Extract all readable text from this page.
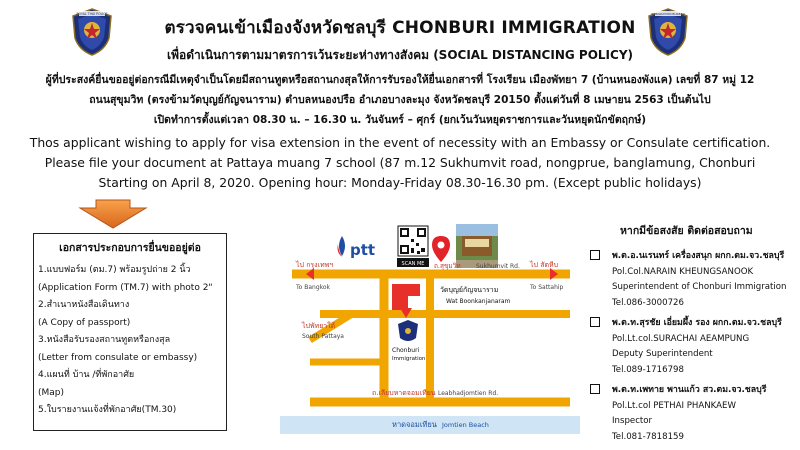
ROYAL THAI POLICE	IMMIGRATION BUREAU
ตรวจคนเข้าเมืองจังหวัดชลบุรี CHONBURI IMMIGRATION
เพื่อดำเนินการตามมาตรการเว้นระยะห่างทางสังคม (SOCIAL DISTANCING POLICY)
ผู้ที่ประสงค์ยื่นขออยู่ต่อกรณีมีเหตุจำเป็นโดยมีสถานทูตหรือสถานกงสุลให้การรับรองให้ยื่นเอกสารที่ โรงเรียน เมืองพัทยา 7 (บ้านหนองพังแค) เลขที่ 87 หมู่ 12
ถนนสุขุมวิท (ตรงข้ามวัดบุญย์กัญจนาราม) ตำบลหนองปรือ อำเภอบางละมุง จังหวัดชลบุรี 20150 ตั้งแต่วันที่ 8 เมษายน 2563 เป็นต้นไป
เปิดทำการตั้งแต่เวลา 08.30 น. – 16.30 น. วันจันทร์ – ศุกร์ (ยกเว้นวันหยุดราชการและวันหยุดนักขัตฤกษ์)
Thos applicant wishing to apply for visa extension in the event of necessity with an Embassy or Consulate certification.
Please file your document at Pattaya muang 7 school (87 m.12 Sukhumvit road, nongprue, banglamung, Chonburi
Starting on April 8, 2020. Opening hour: Monday-Friday 08.30-16.30 pm. (Except public holidays)
เอกสารประกอบการยื่นขออยู่ต่อ
1.แบบฟอร์ม (ตม.7) พร้อมรูปถ่าย 2 นิ้ว
(Application Form (TM.7) with photo 2"
2.สำเนาหนังสือเดินทาง
(A Copy of passport)
3.หนังสือรับรองสถานทูตหรือกงสุล
(Letter from consulate or embassy)
4.แผนที่ บ้าน /ที่พักอาศัย
(Map)
5.ใบรายงานแจ้งที่พักอาศัย(TM.30)
ptt
SCAN ME
ไป กรุงเทพฯ
To Bangkok
ไป สัตหีบ
To Sattahip
ถ.สุขุมวิท	Sukhumvit Rd.
วัดบุญย์กัญจนาราม
Wat Boonkanjanaram
ไปพัทยาใต้
South Pattaya
Chonburi
Immigration
ถ.เลียบหาดจอมเทียน Leabhadjomtien Rd.
หาดจอมเทียน Jomtien Beach
หากมีข้อสงสัย ติดต่อสอบถาม
พ.ต.อ.นเรนทร์ เครื่องสนุก ผกก.ตม.จว.ชลบุรี
Pol.Col.NARAIN KHEUNGSANOOK
Superintendent of Chonburi Immigration
Tel.086-3000726
พ.ต.ท.สุรชัย เอี่ยมผึ้ง รอง ผกก.ตม.จว.ชลบุรี
Pol.Lt.col.SURACHAI AEAMPUNG
Deputy Superintendent
Tel.089-1716798
พ.ต.ท.เพทาย พานแก้ว สว.ตม.จว.ชลบุรี
Pol.Lt.col PETHAI PHANKAEW
Inspector
Tel.081-7818159
